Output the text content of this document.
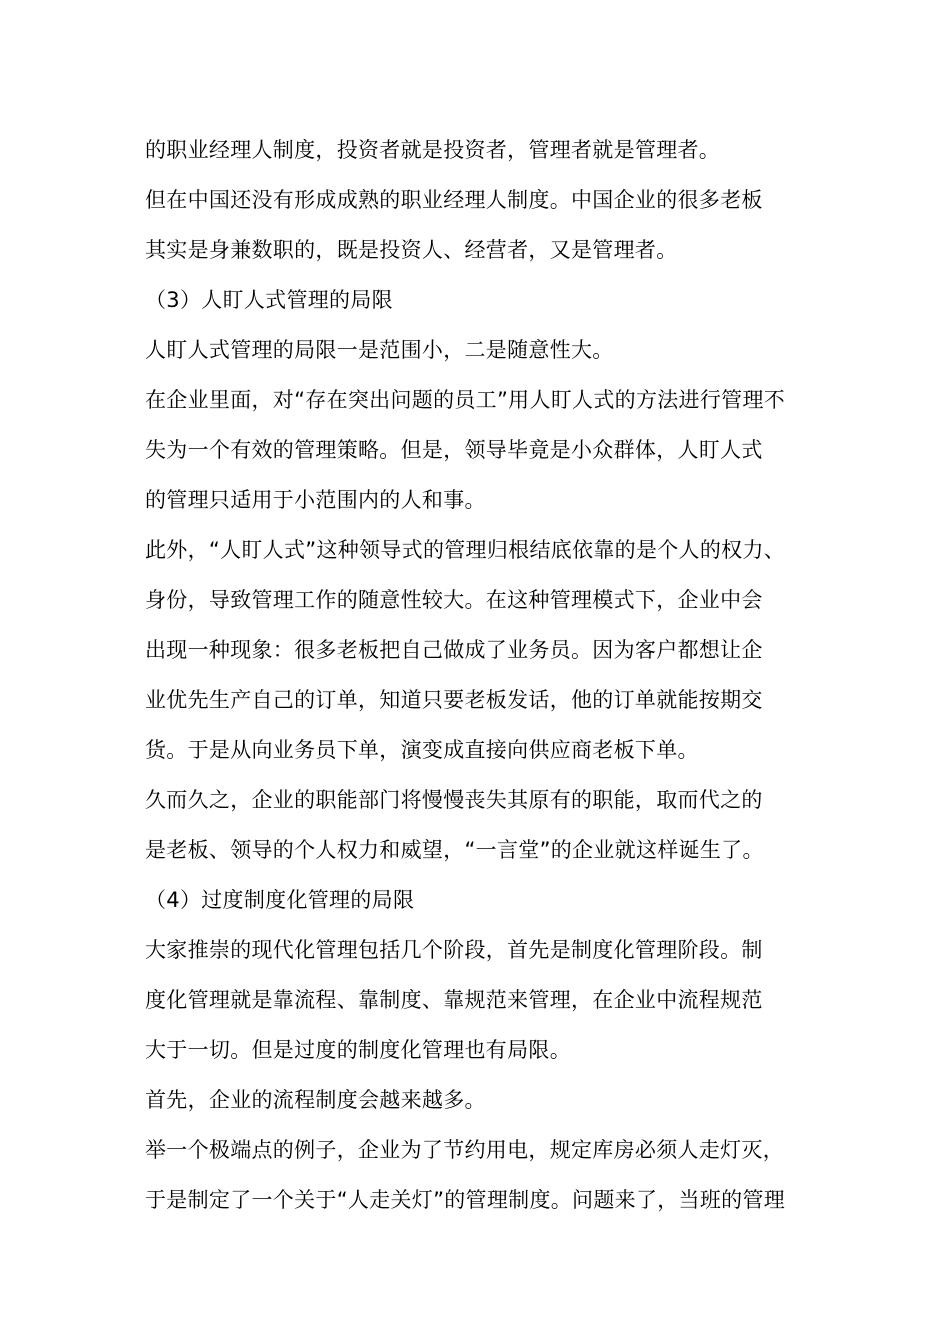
的职业经理人制度，投资者就是投资者，管理者就是管理者。
但在中国还没有形成成熟的职业经理人制度。中国企业的很多老板
其实是身兼数职的，既是投资人、经营者，又是管理者。
（3）人盯人式管理的局限
人盯人式管理的局限一是范围小，二是随意性大。
在企业里面，对“存在突出问题的员工”用人盯人式的方法进行管理不
失为一个有效的管理策略。但是，领导毕竟是小众群体，人盯人式
的管理只适用于小范围内的人和事。
此外，“人盯人式”这种领导式的管理归根结底依靠的是个人的权力、
身份，导致管理工作的随意性较大。在这种管理模式下，企业中会
出现一种现象：很多老板把自己做成了业务员。因为客户都想让企
业优先生产自己的订单，知道只要老板发话，他的订单就能按期交
货。于是从向业务员下单，演变成直接向供应商老板下单。
久而久之，企业的职能部门将慢慢丧失其原有的职能，取而代之的
是老板、领导的个人权力和威望，“一言堂”的企业就这样诞生了。
（4）过度制度化管理的局限
大家推崇的现代化管理包括几个阶段，首先是制度化管理阶段。制
度化管理就是靠流程、靠制度、靠规范来管理，在企业中流程规范
大于一切。但是过度的制度化管理也有局限。
首先，企业的流程制度会越来越多。
举一个极端点的例子，企业为了节约用电，规定库房必须人走灯灭，
于是制定了一个关于“人走关灯”的管理制度。问题来了，当班的管理
